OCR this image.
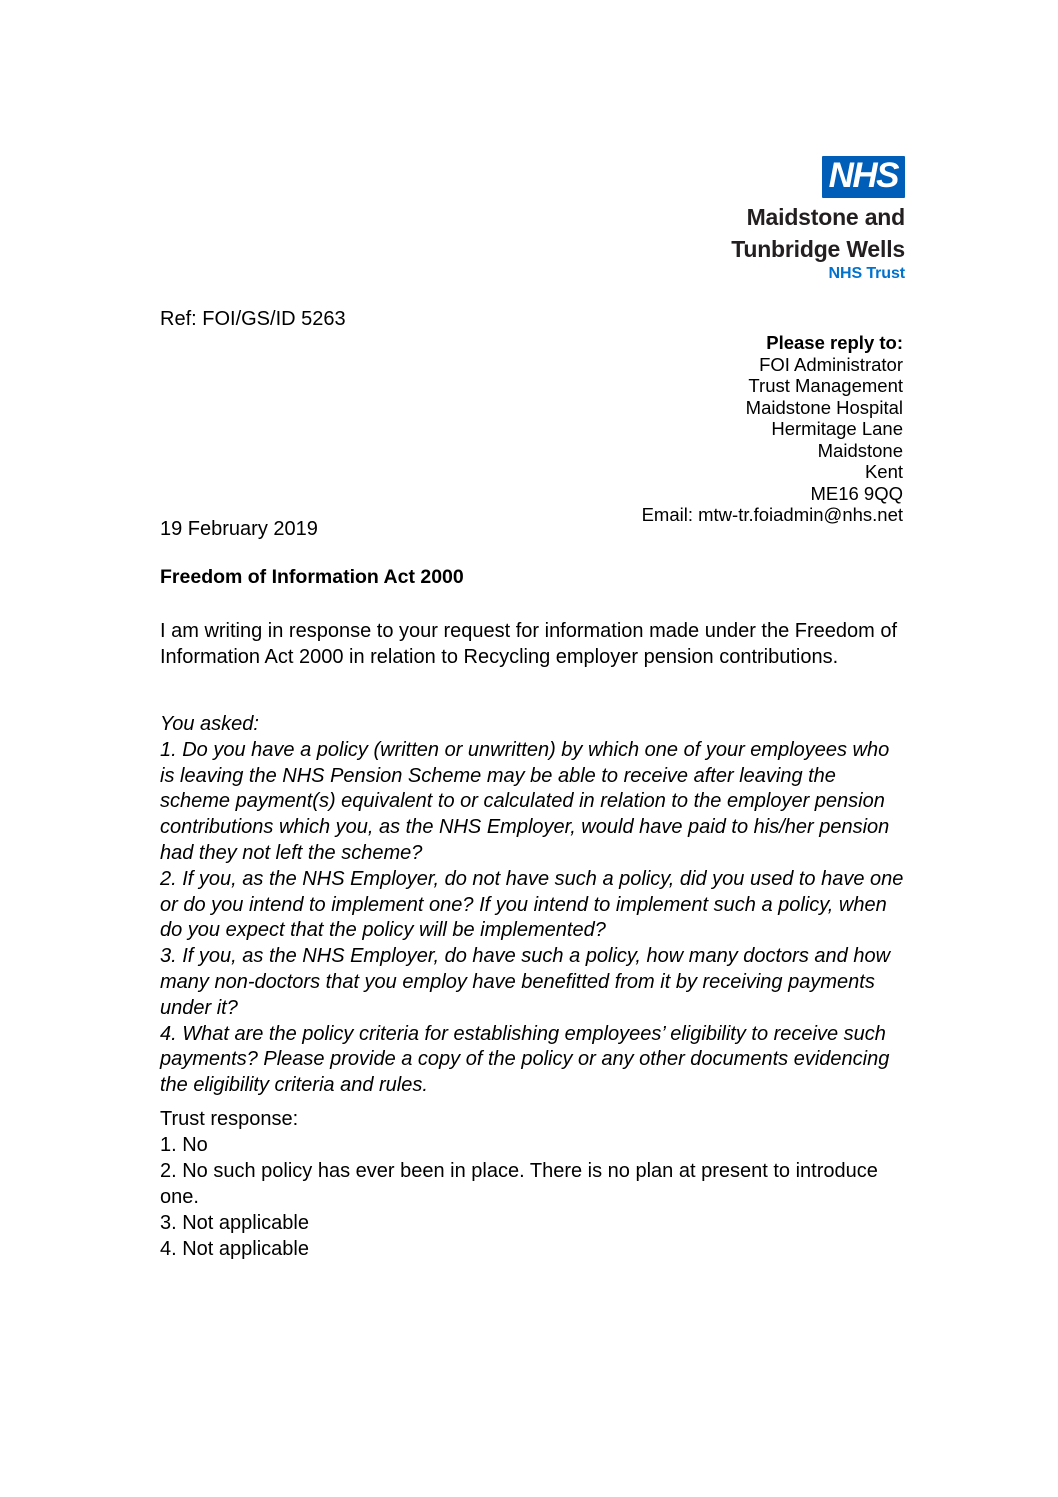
NHS
Maidstone and
Tunbridge Wells
NHS Trust
Ref: FOI/GS/ID 5263
Please reply to:
FOI Administrator
Trust Management
Maidstone Hospital
Hermitage Lane
Maidstone
Kent
ME16 9QQ
Email: mtw-tr.foiadmin@nhs.net
19 February 2019
Freedom of Information Act 2000
I am writing in response to your request for information made under the Freedom of Information Act 2000 in relation to Recycling employer pension contributions.

You asked:

1. Do you have a policy (written or unwritten) by which one of your employees who is leaving the NHS Pension Scheme may be able to receive after leaving the scheme payment(s) equivalent to or calculated in relation to the employer pension contributions which you, as the NHS Employer, would have paid to his/her pension had they not left the scheme?

2. If you, as the NHS Employer, do not have such a policy, did you used to have one or do you intend to implement one? If you intend to implement such a policy, when do you expect that the policy will be implemented?

3. If you, as the NHS Employer, do have such a policy, how many doctors and how many non-doctors that you employ have benefitted from it by receiving payments under it?

4. What are the policy criteria for establishing employees’ eligibility to receive such payments? Please provide a copy of the policy or any other documents evidencing the eligibility criteria and rules.

Trust response:

1. No

2. No such policy has ever been in place. There is no plan at present to introduce one.

3. Not applicable

4. Not applicable
